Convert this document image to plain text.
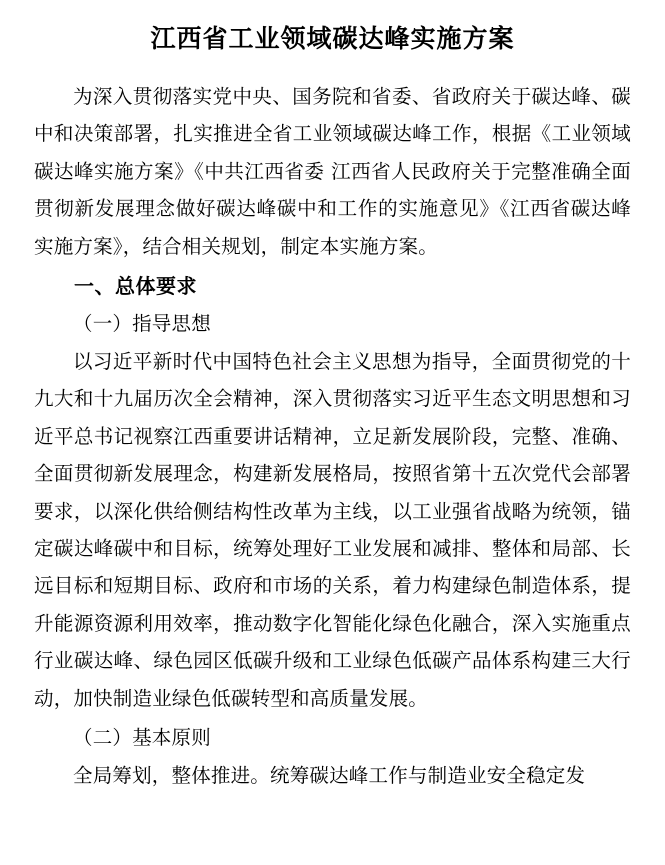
江西省工业领域碳达峰实施方案

为深入贯彻落实党中央、国务院和省委、省政府关于碳达峰、碳中和决策部署，扎实推进全省工业领域碳达峰工作，根据《工业领域碳达峰实施方案》《中共江西省委 江西省人民政府关于完整准确全面贯彻新发展理念做好碳达峰碳中和工作的实施意见》《江西省碳达峰实施方案》，结合相关规划，制定本实施方案。

一、总体要求

（一）指导思想

以习近平新时代中国特色社会主义思想为指导，全面贯彻党的十九大和十九届历次全会精神，深入贯彻落实习近平生态文明思想和习近平总书记视察江西重要讲话精神，立足新发展阶段，完整、准确、全面贯彻新发展理念，构建新发展格局，按照省第十五次党代会部署要求，以深化供给侧结构性改革为主线，以工业强省战略为统领，锚定碳达峰碳中和目标，统筹处理好工业发展和减排、整体和局部、长远目标和短期目标、政府和市场的关系，着力构建绿色制造体系，提升能源资源利用效率，推动数字化智能化绿色化融合，深入实施重点行业碳达峰、绿色园区低碳升级和工业绿色低碳产品体系构建三大行动，加快制造业绿色低碳转型和高质量发展。

（二）基本原则

全局筹划，整体推进。统筹碳达峰工作与制造业安全稳定发
